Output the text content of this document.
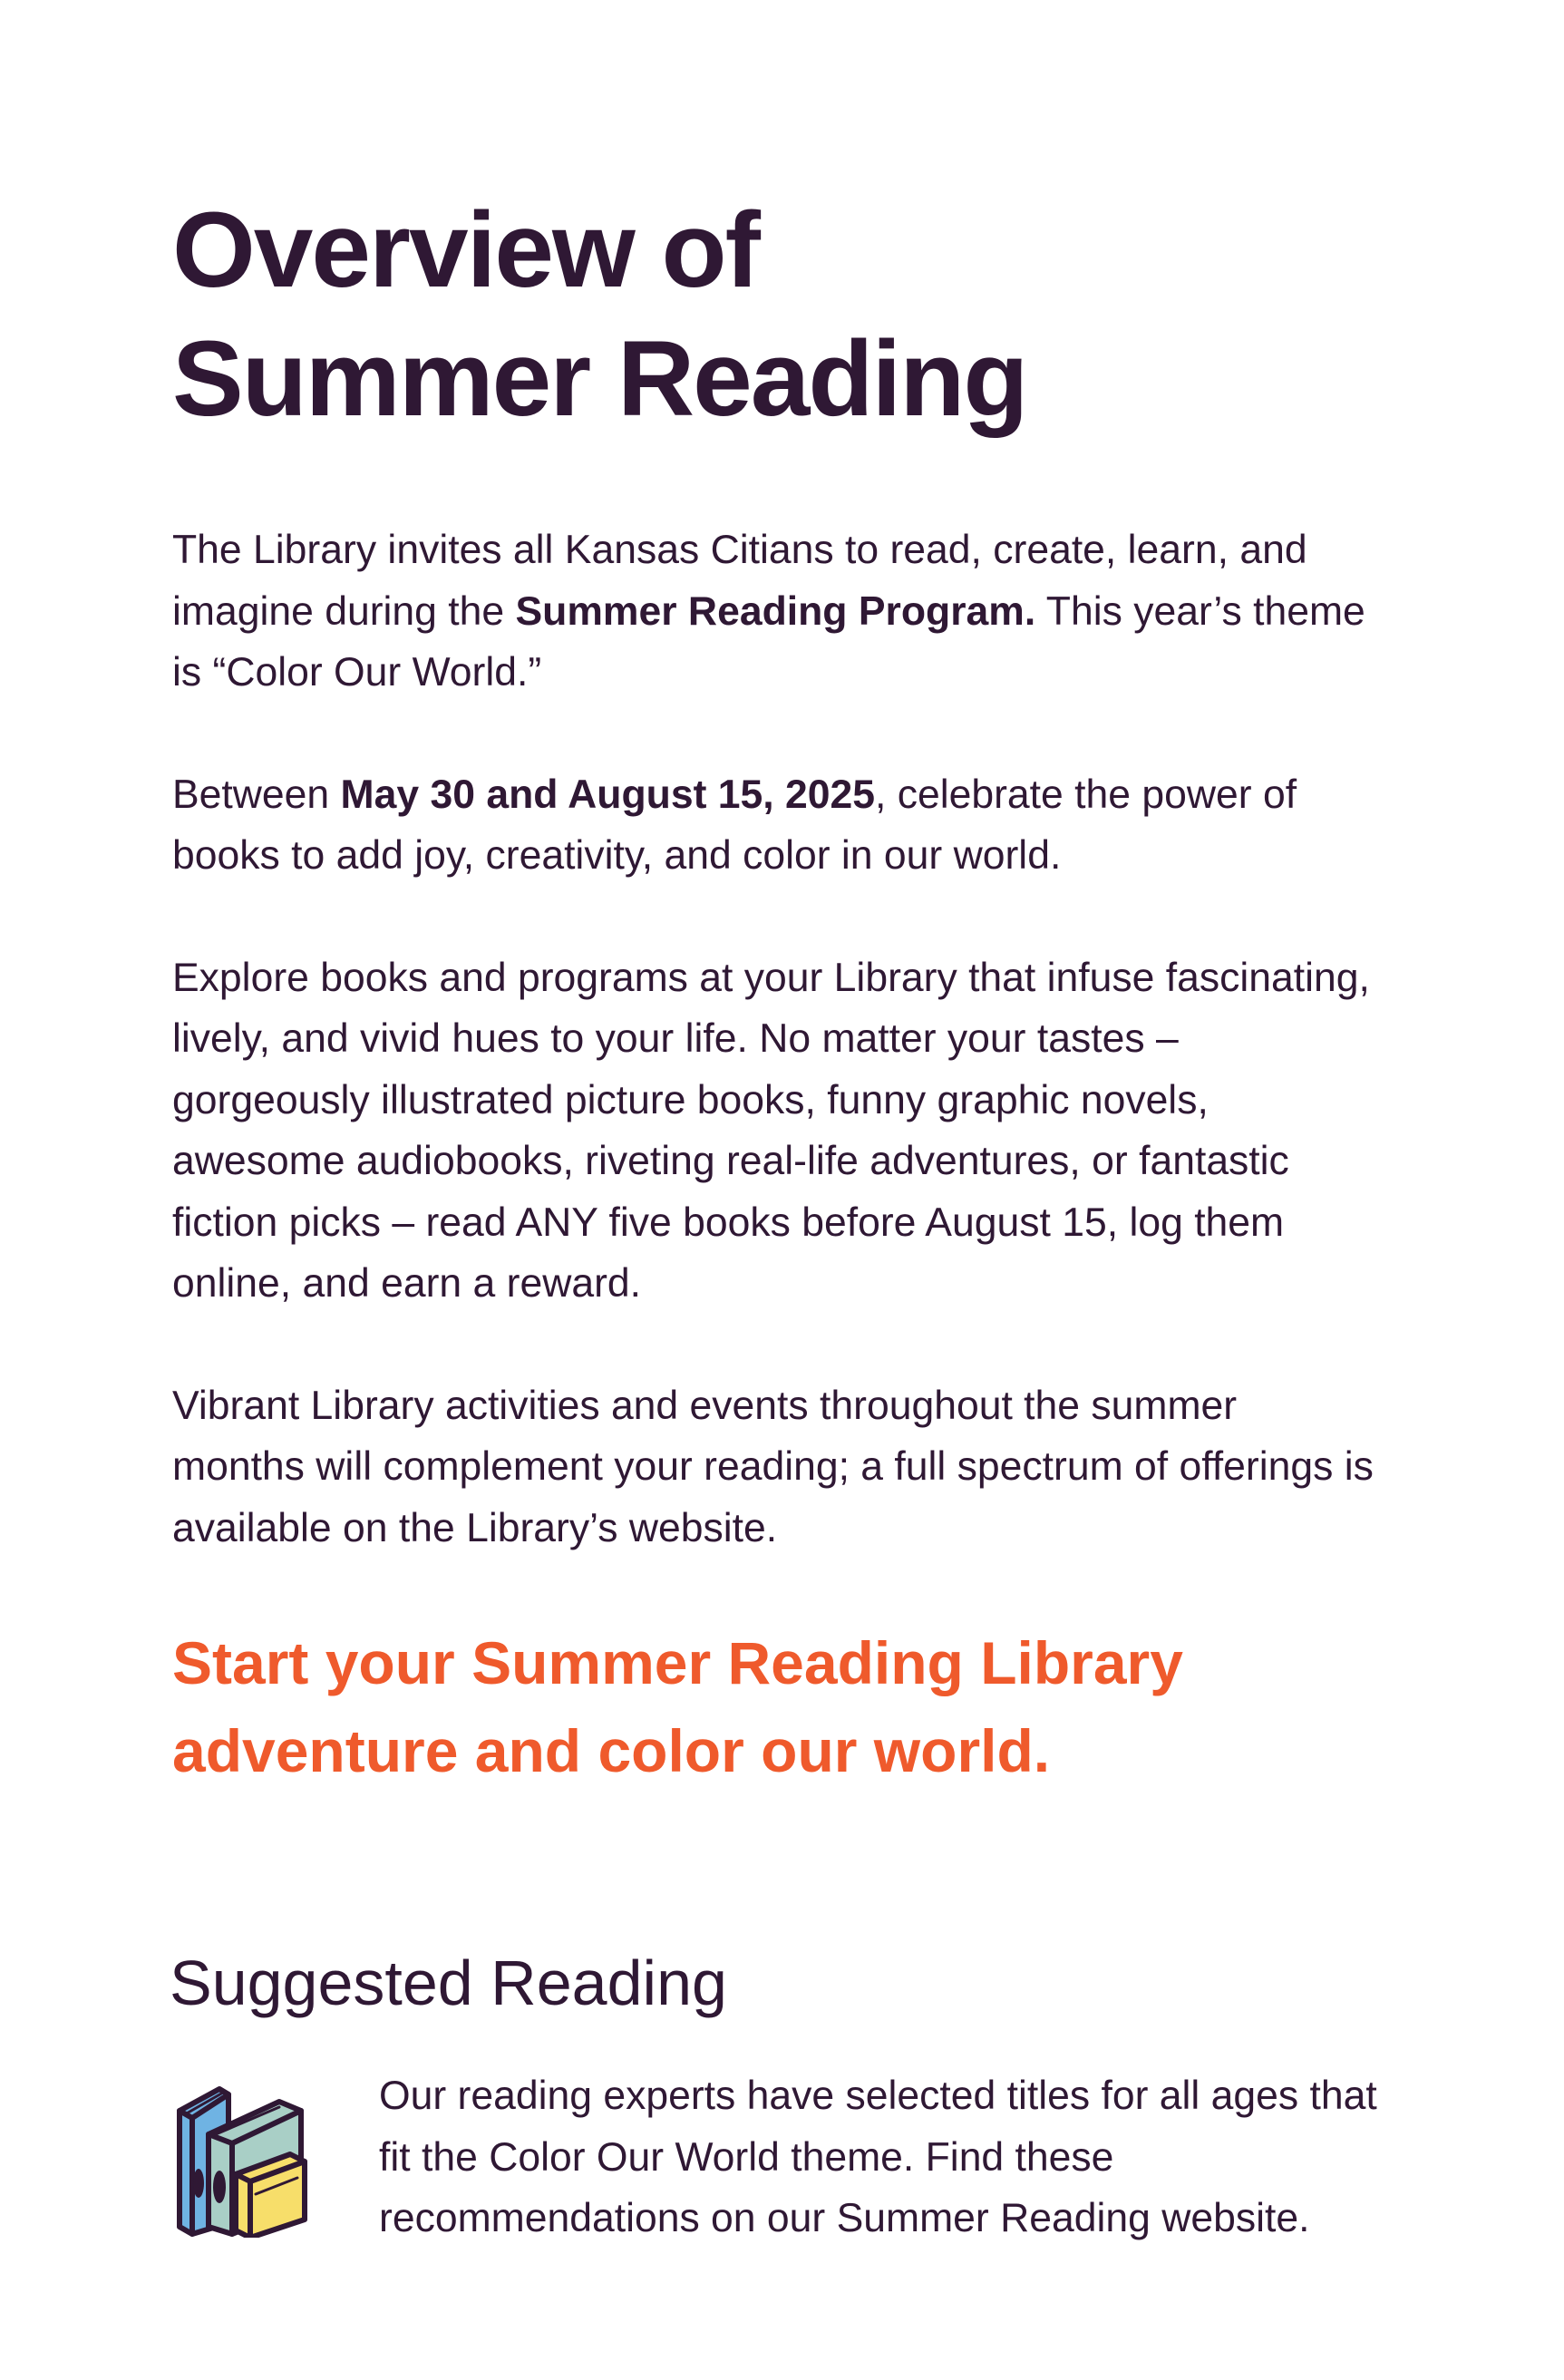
Overview of
Summer Reading

The Library invites all Kansas Citians to read, create, learn, and imagine during the Summer Reading Program. This year’s theme is “Color Our World.”

Between May 30 and August 15, 2025, celebrate the power of books to add joy, creativity, and color in our world.

Explore books and programs at your Library that infuse fascinating, lively, and vivid hues to your life. No matter your tastes – gorgeously illustrated picture books, funny graphic novels, awesome audiobooks, riveting real-life adventures, or fantastic fiction picks – read ANY five books before August 15, log them online, and earn a reward.

Vibrant Library activities and events throughout the summer months will complement your reading; a full spectrum of offerings is available on the Library’s website.

Start your Summer Reading Library
adventure and color our world.
Suggested Reading

Our reading experts have selected titles for all ages that fit the Color Our World theme. Find these recommendations on our Summer Reading website.
